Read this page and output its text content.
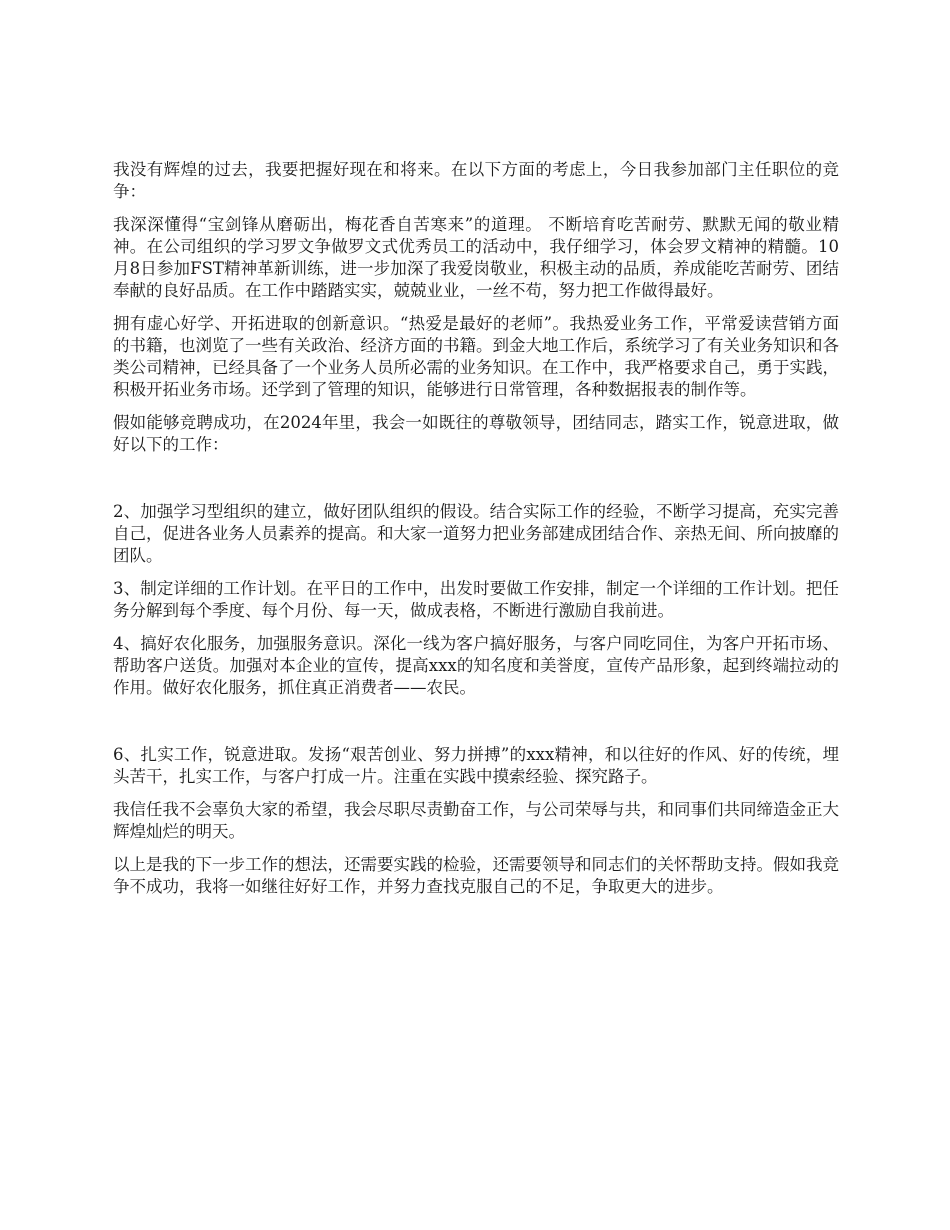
我没有辉煌的过去，我要把握好现在和将来。在以下方面的考虑上，今日我参加部门主任职位的竞争：

我深深懂得“宝剑锋从磨砺出，梅花香自苦寒来”的道理。 不断培育吃苦耐劳、默默无闻的敬业精神。在公司组织的学习罗文争做罗文式优秀员工的活动中，我仔细学习，体会罗文精神的精髓。10月8日参加FST精神革新训练，进一步加深了我爱岗敬业，积极主动的品质，养成能吃苦耐劳、团结奉献的良好品质。在工作中踏踏实实，兢兢业业，一丝不苟，努力把工作做得最好。

拥有虚心好学、开拓进取的创新意识。“热爱是最好的老师”。我热爱业务工作，平常爱读营销方面的书籍，也浏览了一些有关政治、经济方面的书籍。到金大地工作后，系统学习了有关业务知识和各类公司精神，已经具备了一个业务人员所必需的业务知识。在工作中，我严格要求自己，勇于实践，积极开拓业务市场。还学到了管理的知识，能够进行日常管理，各种数据报表的制作等。

假如能够竞聘成功，在2024年里，我会一如既往的尊敬领导，团结同志，踏实工作，锐意进取，做好以下的工作：

2、加强学习型组织的建立，做好团队组织的假设。结合实际工作的经验，不断学习提高，充实完善自己，促进各业务人员素养的提高。和大家一道努力把业务部建成团结合作、亲热无间、所向披靡的团队。

3、制定详细的工作计划。在平日的工作中，出发时要做工作安排，制定一个详细的工作计划。把任务分解到每个季度、每个月份、每一天，做成表格，不断进行激励自我前进。

4、搞好农化服务，加强服务意识。深化一线为客户搞好服务，与客户同吃同住，为客户开拓市场、帮助客户送货。加强对本企业的宣传，提高xxx的知名度和美誉度，宣传产品形象，起到终端拉动的作用。做好农化服务，抓住真正消费者——农民。

6、扎实工作，锐意进取。发扬“艰苦创业、努力拼搏”的xxx精神，和以往好的作风、好的传统，埋头苦干，扎实工作，与客户打成一片。注重在实践中摸索经验、探究路子。

我信任我不会辜负大家的希望，我会尽职尽责勤奋工作，与公司荣辱与共，和同事们共同缔造金正大辉煌灿烂的明天。

以上是我的下一步工作的想法，还需要实践的检验，还需要领导和同志们的关怀帮助支持。假如我竞争不成功，我将一如继往好好工作，并努力查找克服自己的不足，争取更大的进步。
